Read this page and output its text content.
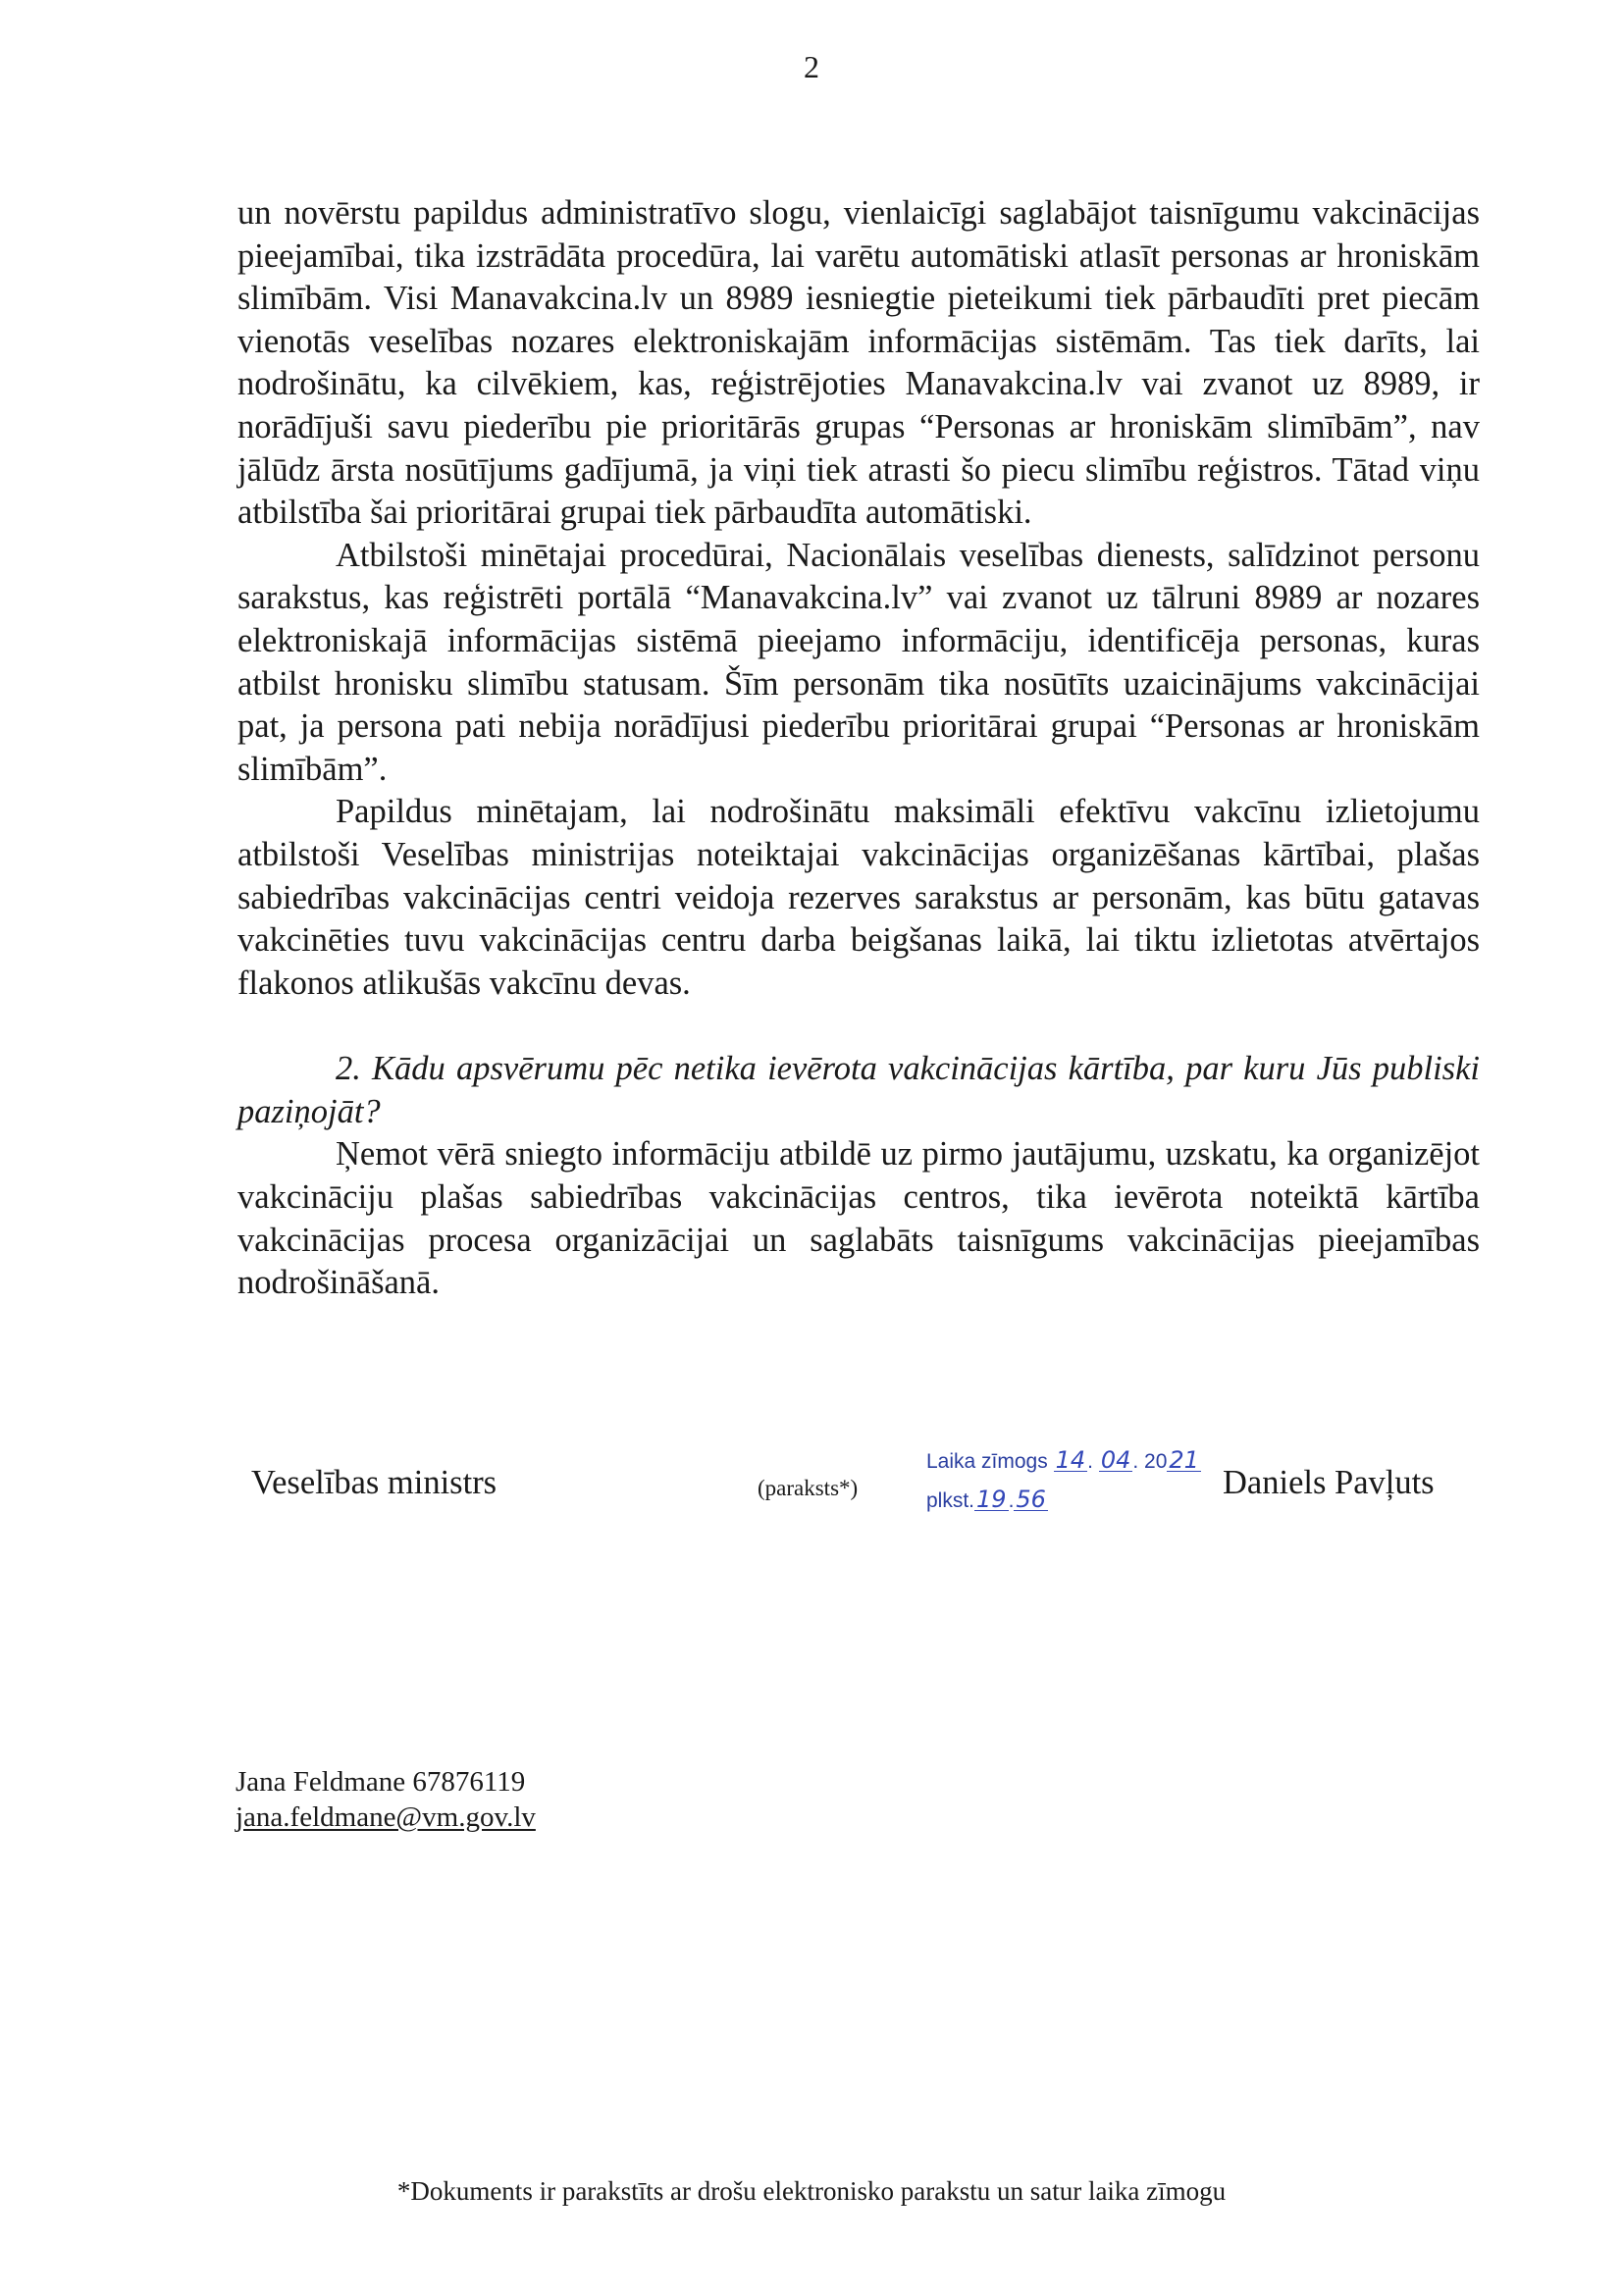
2

un novērstu papildus administratīvo slogu, vienlaicīgi saglabājot taisnīgumu vakcinācijas pieejamībai, tika izstrādāta procedūra, lai varētu automātiski atlasīt personas ar hroniskām slimībām. Visi Manavakcina.lv un 8989 iesniegtie pieteikumi tiek pārbaudīti pret piecām vienotās veselības nozares elektroniskajām informācijas sistēmām. Tas tiek darīts, lai nodrošinātu, ka cilvēkiem, kas, reģistrējoties Manavakcina.lv vai zvanot uz 8989, ir norādījuši savu piederību pie prioritārās grupas “Personas ar hroniskām slimībām”, nav jālūdz ārsta nosūtījums gadījumā, ja viņi tiek atrasti šo piecu slimību reģistros. Tātad viņu atbilstība šai prioritārai grupai tiek pārbaudīta automātiski.

Atbilstoši minētajai procedūrai, Nacionālais veselības dienests, salīdzinot personu sarakstus, kas reģistrēti portālā “Manavakcina.lv” vai zvanot uz tālruni 8989 ar nozares elektroniskajā informācijas sistēmā pieejamo informāciju, identificēja personas, kuras atbilst hronisku slimību statusam. Šīm personām tika nosūtīts uzaicinājums vakcinācijai pat, ja persona pati nebija norādījusi piederību prioritārai grupai “Personas ar hroniskām slimībām”.

Papildus minētajam, lai nodrošinātu maksimāli efektīvu vakcīnu izlietojumu atbilstoši Veselības ministrijas noteiktajai vakcinācijas organizēšanas kārtībai, plašas sabiedrības vakcinācijas centri veidoja rezerves sarakstus ar personām, kas būtu gatavas vakcinēties tuvu vakcinācijas centru darba beigšanas laikā, lai tiktu izlietotas atvērtajos flakonos atlikušās vakcīnu devas.

2. Kādu apsvērumu pēc netika ievērota vakcinācijas kārtība, par kuru Jūs publiski paziņojāt?

Ņemot vērā sniegto informāciju atbildē uz pirmo jautājumu, uzskatu, ka organizējot vakcināciju plašas sabiedrības vakcinācijas centros, tika ievērota noteiktā kārtība vakcinācijas procesa organizācijai un saglabāts taisnīgums vakcinācijas pieejamības nodrošināšanā.

Veselības ministrs	(paraksts*)
Laika zīmogs 14. 04. 2021
plkst.19.56	Daniels Pavļuts
Jana Feldmane 67876119
jana.feldmane@vm.gov.lv
*Dokuments ir parakstīts ar drošu elektronisko parakstu un satur laika zīmogu
